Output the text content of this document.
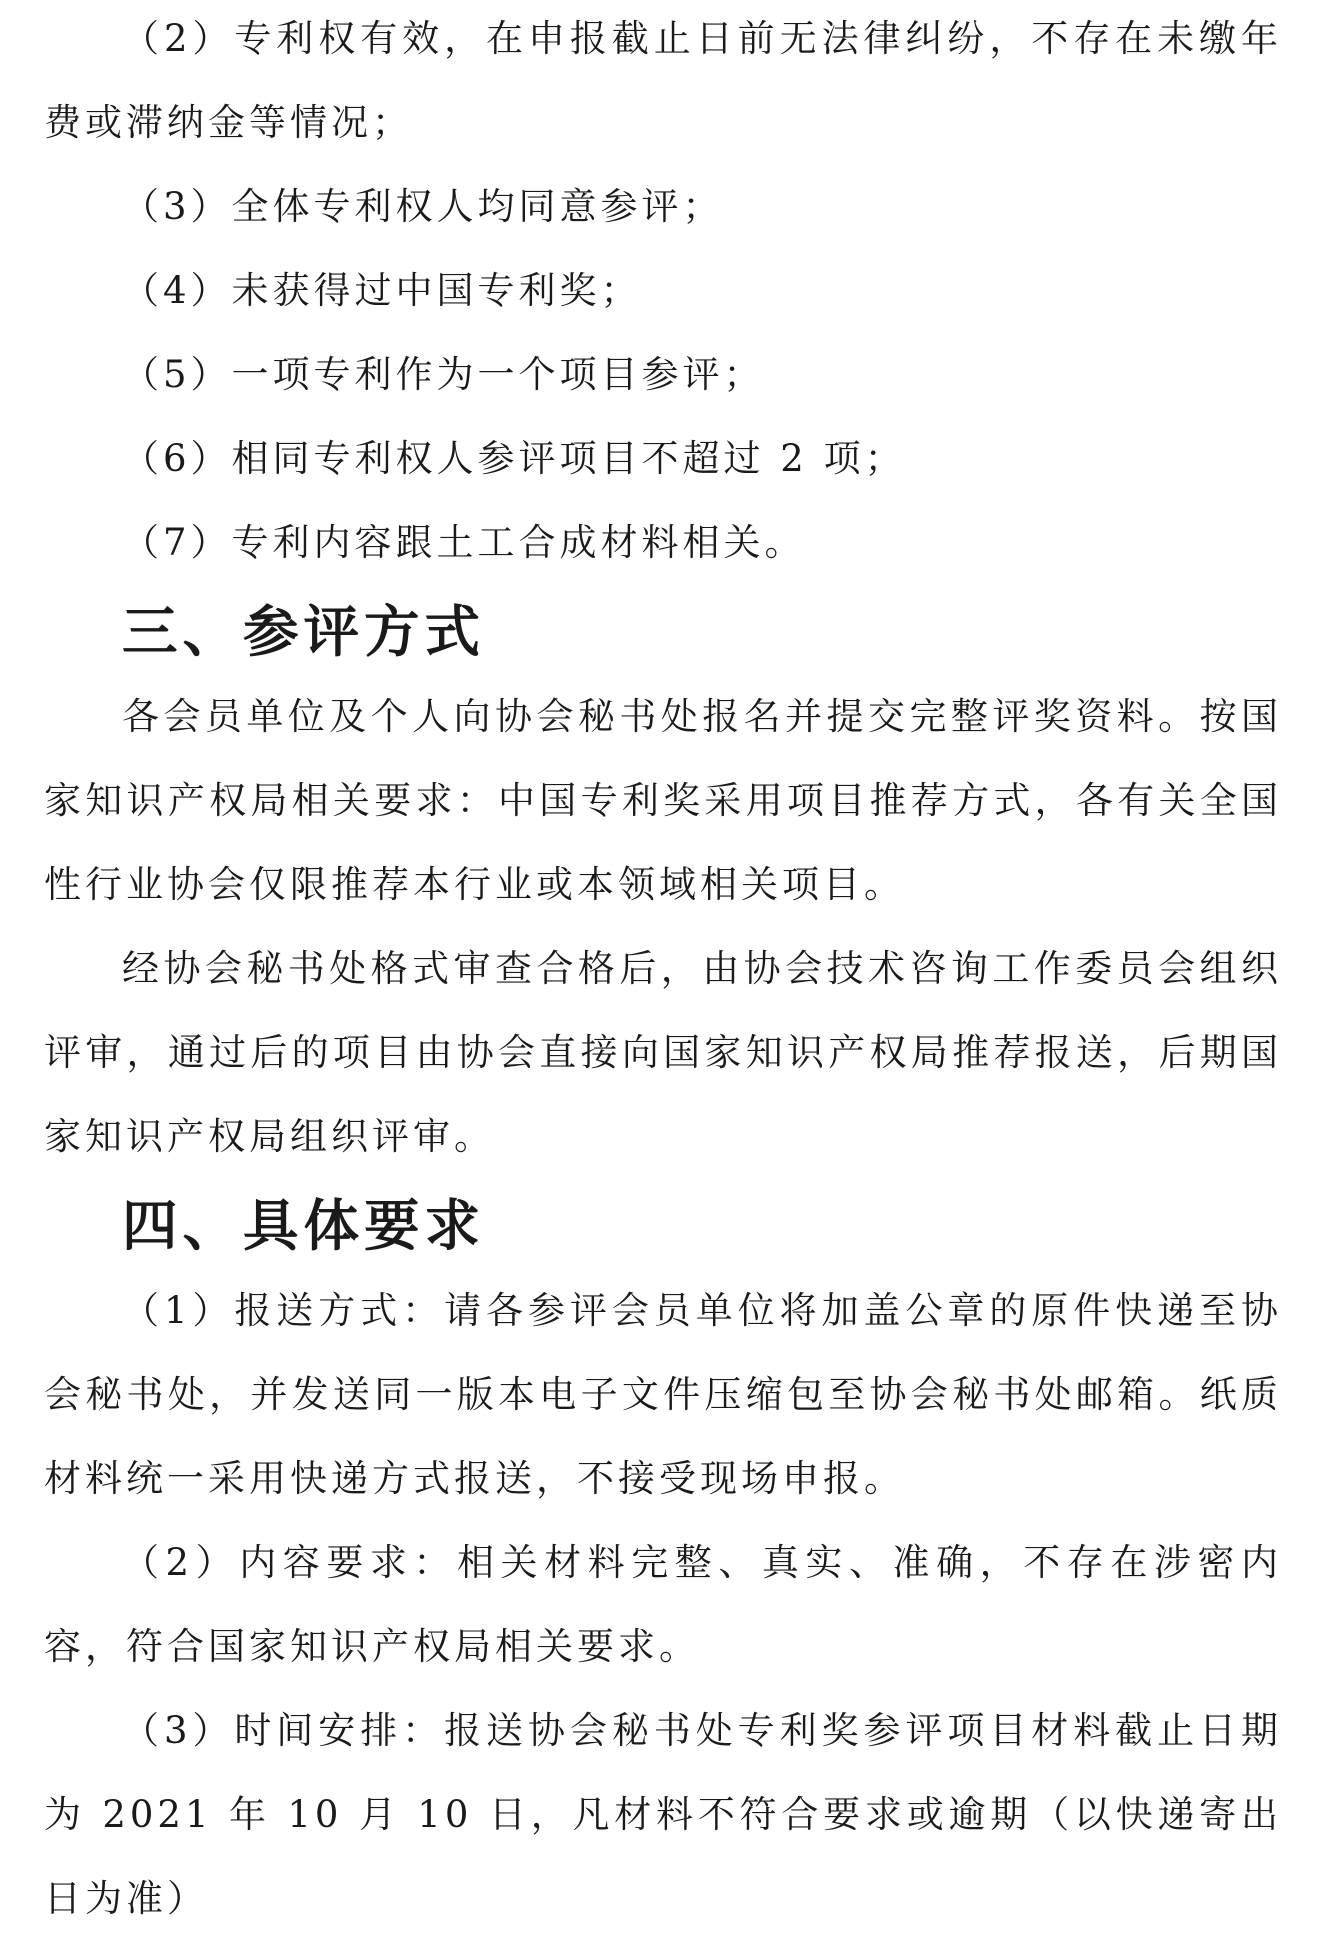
（2）专利权有效，在申报截止日前无法律纠纷，不存在未缴年费或滞纳金等情况；

（3）全体专利权人均同意参评；

（4）未获得过中国专利奖；

（5）一项专利作为一个项目参评；

（6）相同专利权人参评项目不超过 2 项；

（7）专利内容跟土工合成材料相关。

三、参评方式

各会员单位及个人向协会秘书处报名并提交完整评奖资料。按国家知识产权局相关要求：中国专利奖采用项目推荐方式，各有关全国性行业协会仅限推荐本行业或本领域相关项目。

经协会秘书处格式审查合格后，由协会技术咨询工作委员会组织评审，通过后的项目由协会直接向国家知识产权局推荐报送，后期国家知识产权局组织评审。

四、具体要求

（1）报送方式：请各参评会员单位将加盖公章的原件快递至协会秘书处，并发送同一版本电子文件压缩包至协会秘书处邮箱。纸质材料统一采用快递方式报送，不接受现场申报。

（2）内容要求：相关材料完整、真实、准确，不存在涉密内容，符合国家知识产权局相关要求。

（3）时间安排：报送协会秘书处专利奖参评项目材料截止日期为 2021 年 10 月 10 日，凡材料不符合要求或逾期（以快递寄出日为准）
